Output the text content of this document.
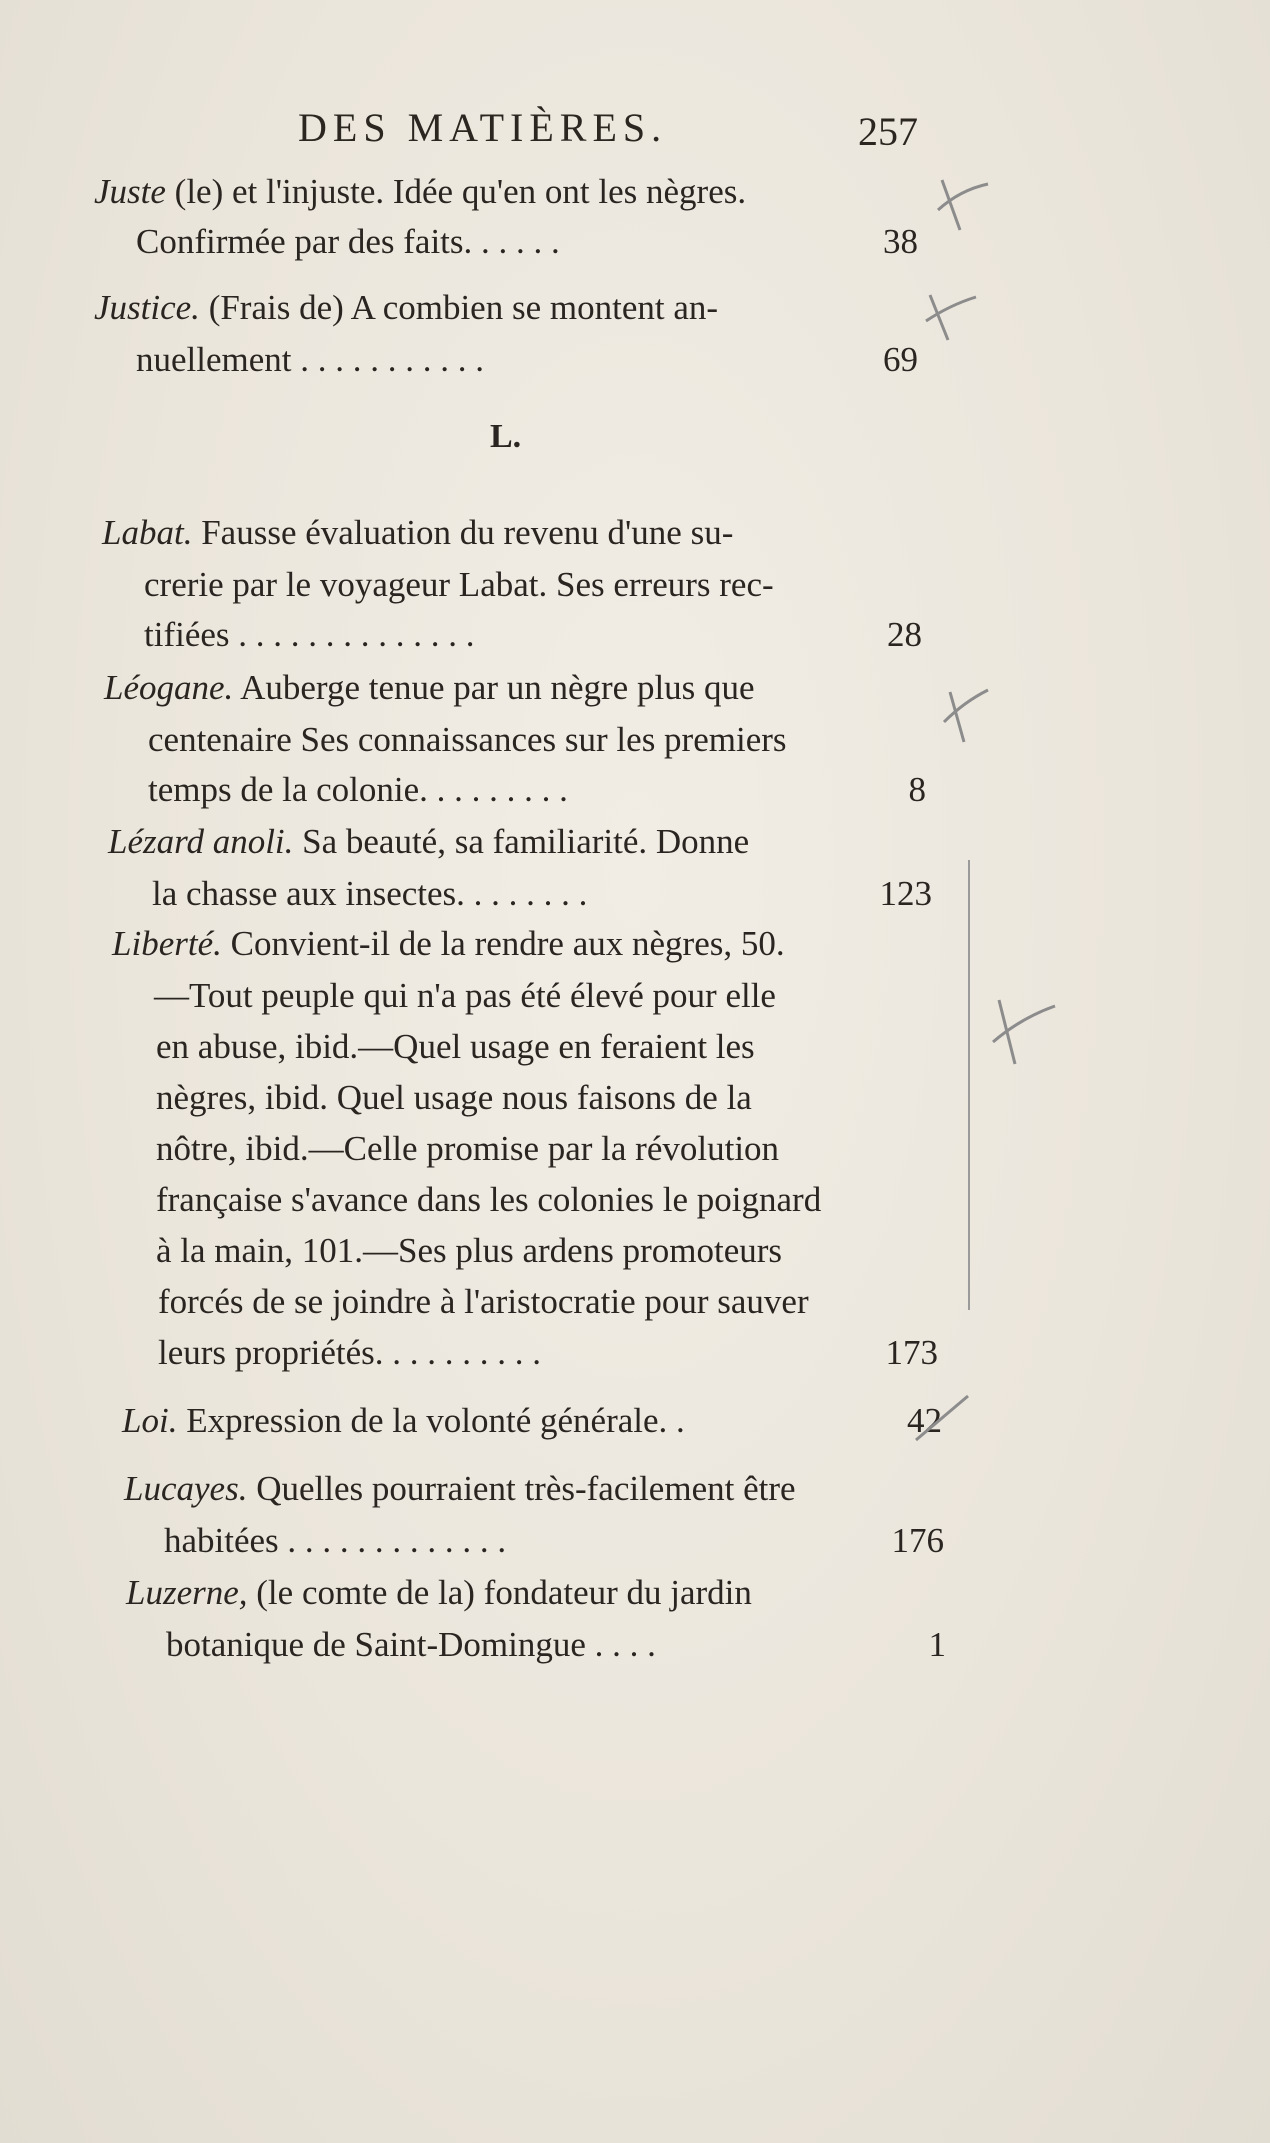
DES MATIÈRES.	257
Juste (le) et l'injuste. Idée qu'en ont les nègres.
Confirmée par des faits. . . . . .	38
Justice. (Frais de) A combien se montent an-
nuellement . . . . . . . . . . .	69
L.
Labat. Fausse évaluation du revenu d'une su-
crerie par le voyageur Labat. Ses erreurs rec-
tifiées . . . . . . . . . . . . . .	28
Léogane. Auberge tenue par un nègre plus que
centenaire Ses connaissances sur les premiers
temps de la colonie. . . . . . . . .	8
Lézard anoli. Sa beauté, sa familiarité. Donne
la chasse aux insectes. . . . . . . .	123
Liberté. Convient-il de la rendre aux nègres, 50.
—Tout peuple qui n'a pas été élevé pour elle
en abuse, ibid.—Quel usage en feraient les
nègres, ibid. Quel usage nous faisons de la
nôtre, ibid.—Celle promise par la révolution
française s'avance dans les colonies le poignard
à la main, 101.—Ses plus ardens promoteurs
forcés de se joindre à l'aristocratie pour sauver
leurs propriétés. . . . . . . . . .	173
Loi. Expression de la volonté générale. .	42
Lucayes. Quelles pourraient très-facilement être
habitées . . . . . . . . . . . . .	176
Luzerne, (le comte de la) fondateur du jardin
botanique de Saint-Domingue . . . .	1
